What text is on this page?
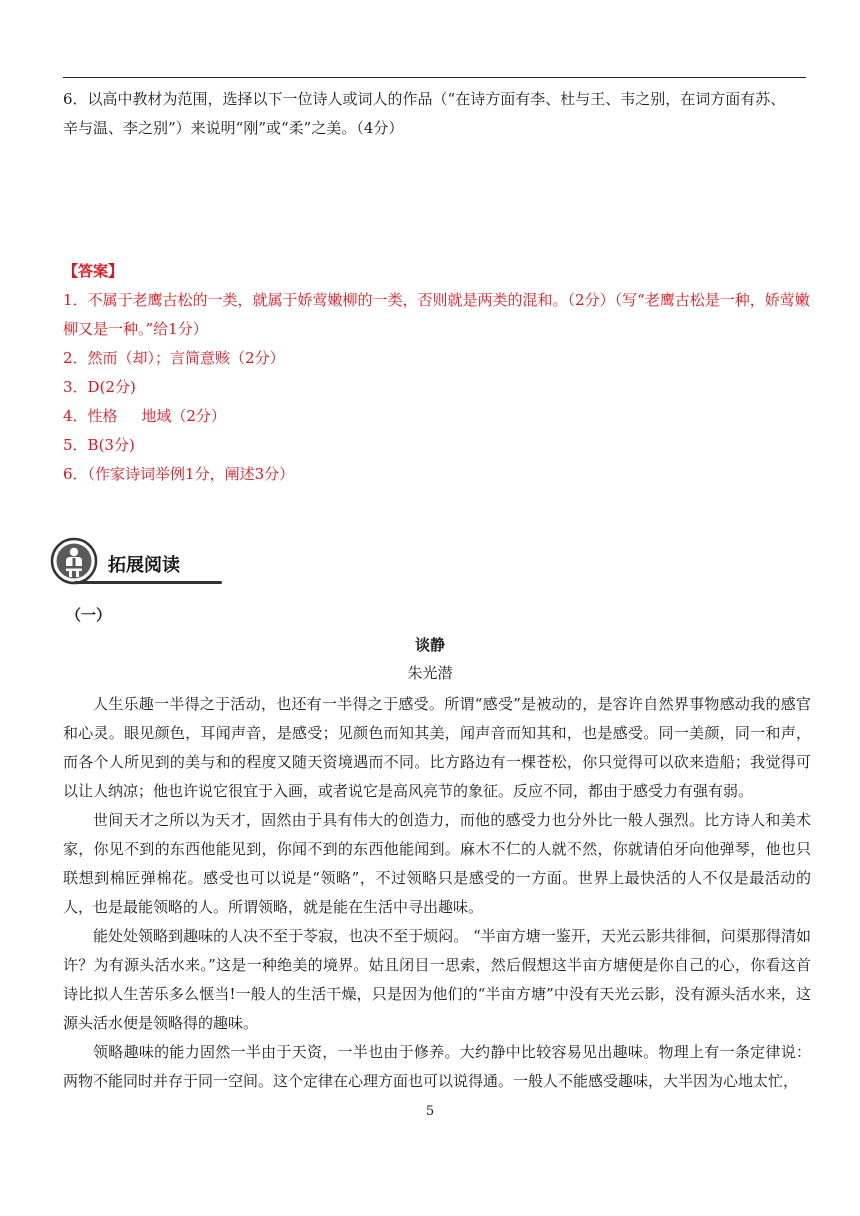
6．以高中教材为范围，选择以下一位诗人或词人的作品（“在诗方面有李、杜与王、韦之别，在词方面有苏、

辛与温、李之别”）来说明“刚”或“柔”之美。（4分）

【答案】

1．不属于老鹰古松的一类，就属于娇莺嫩柳的一类，否则就是两类的混和。（2分）（写“老鹰古松是一种，娇莺嫩柳又是一种。”给1分）

2．然而（却）；言简意赅（2分）

3．D(2分)

4．性格     地域（2分）

5．B(3分)

6．（作家诗词举例1分，阐述3分）

拓展阅读
（一）
谈静
朱光潜

人生乐趣一半得之于活动，也还有一半得之于感受。所谓“感受”是被动的，是容许自然界事物感动我的感官和心灵。眼见颜色，耳闻声音，是感受；见颜色而知其美，闻声音而知其和，也是感受。同一美颜，同一和声，而各个人所见到的美与和的程度又随天资境遇而不同。比方路边有一棵苍松，你只觉得可以砍来造船；我觉得可以让人纳凉；他也许说它很宜于入画，或者说它是高风亮节的象征。反应不同，都由于感受力有强有弱。

世间天才之所以为天才，固然由于具有伟大的创造力，而他的感受力也分外比一般人强烈。比方诗人和美术家，你见不到的东西他能见到，你闻不到的东西他能闻到。麻木不仁的人就不然，你就请伯牙向他弹琴，他也只联想到棉匠弹棉花。感受也可以说是“领略”，不过领略只是感受的一方面。世界上最快活的人不仅是最活动的人，也是最能领略的人。所谓领略，就是能在生活中寻出趣味。

能处处领略到趣味的人决不至于苓寂，也决不至于烦闷。 “半亩方塘一鉴开，天光云影共徘徊，问渠那得清如许？为有源头活水来。”这是一种绝美的境界。姑且闭目一思索，然后假想这半亩方塘便是你自己的心，你看这首诗比拟人生苦乐多么惬当!一般人的生活干燥，只是因为他们的“半亩方塘”中没有天光云影，没有源头活水来，这源头活水便是领略得的趣味。

领略趣味的能力固然一半由于天资，一半也由于修养。大约静中比较容易见出趣味。物理上有一条定律说：两物不能同时并存于同一空间。这个定律在心理方面也可以说得通。一般人不能感受趣味，大半因为心地太忙，

5
